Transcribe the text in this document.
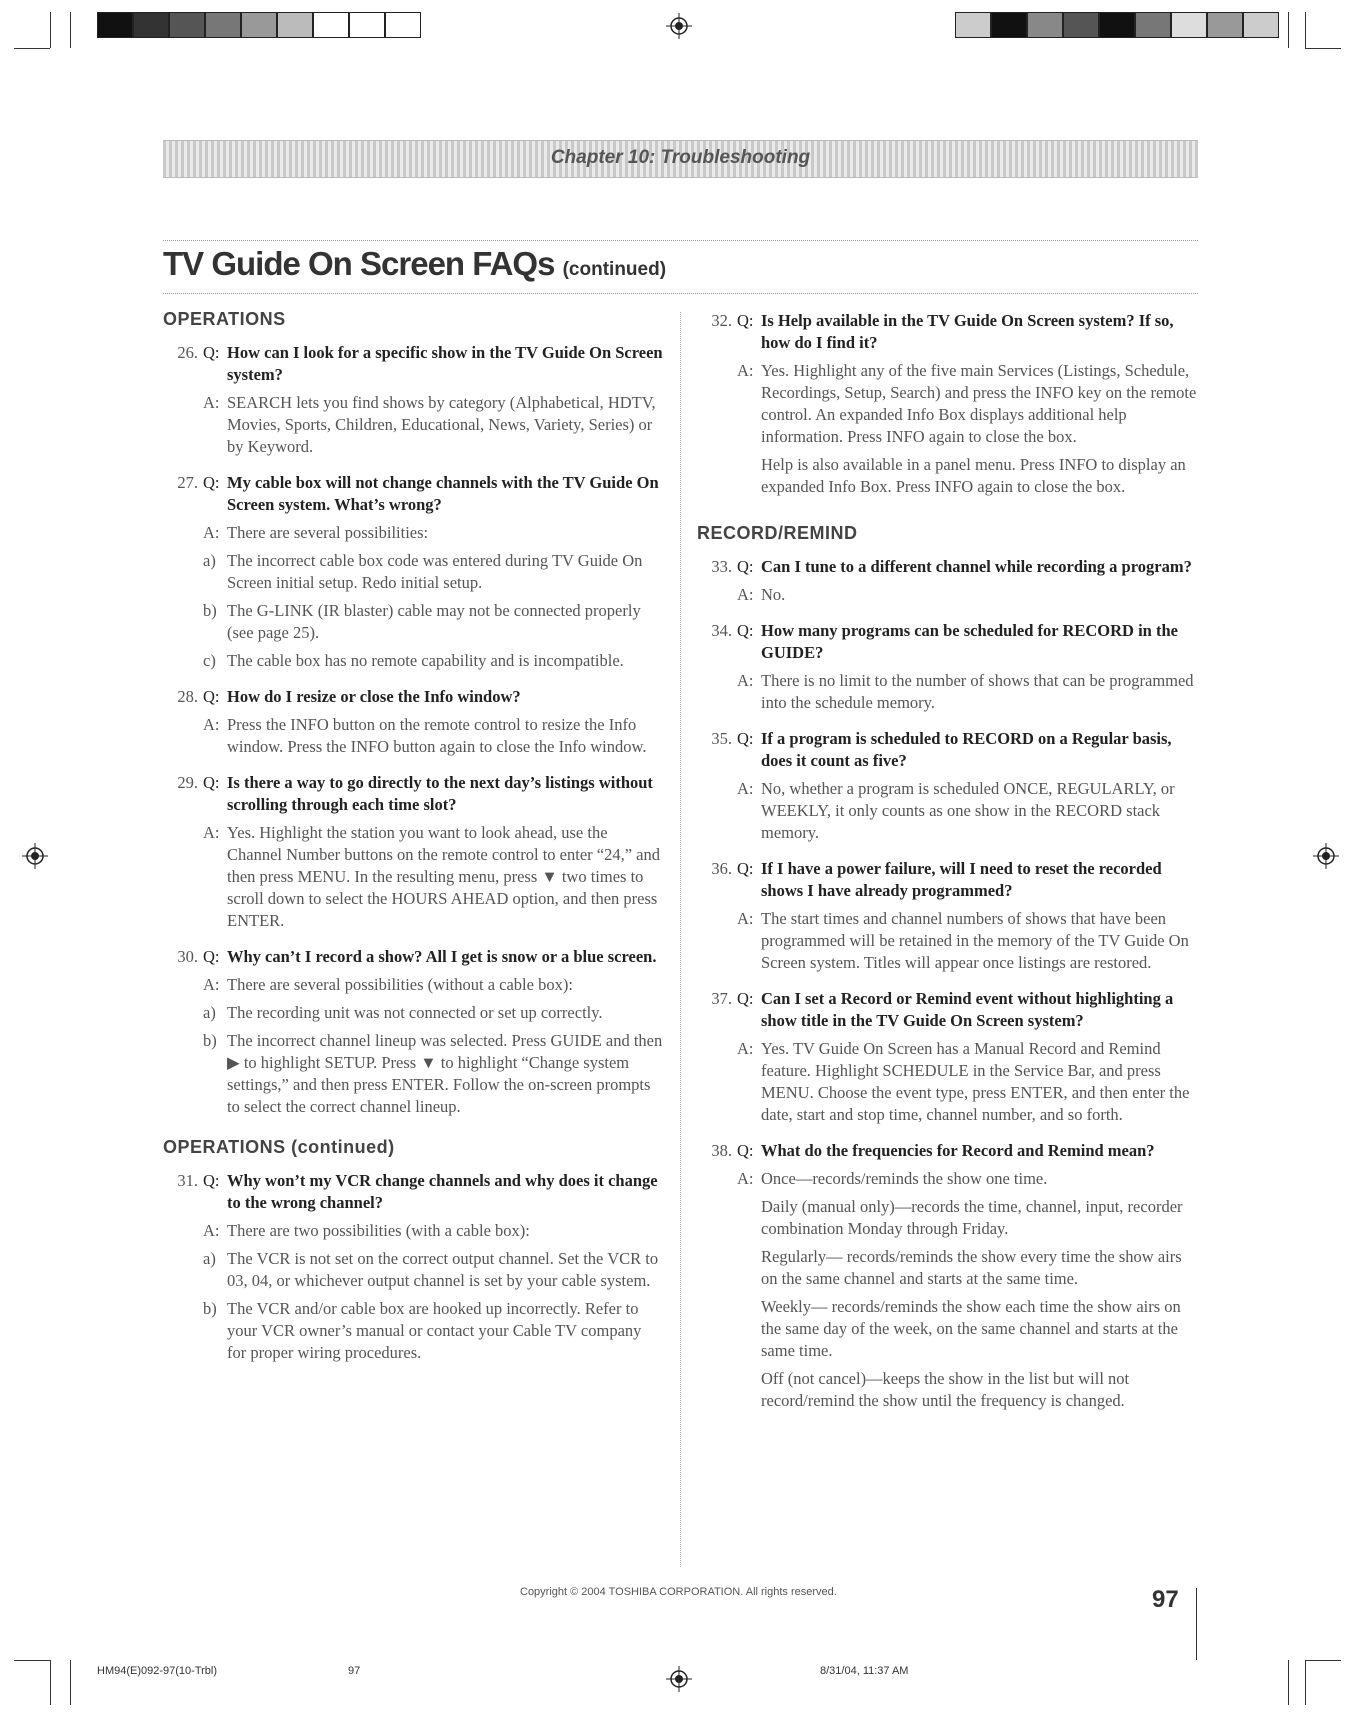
Chapter 10: Troubleshooting
TV Guide On Screen FAQs (continued)
OPERATIONS
26. Q: How can I look for a specific show in the TV Guide On Screen system?
A: SEARCH lets you find shows by category (Alphabetical, HDTV, Movies, Sports, Children, Educational, News, Variety, Series) or by Keyword.
27. Q: My cable box will not change channels with the TV Guide On Screen system. What’s wrong?
A: There are several possibilities:
a) The incorrect cable box code was entered during TV Guide On Screen initial setup. Redo initial setup.
b) The G-LINK (IR blaster) cable may not be connected properly (see page 25).
c) The cable box has no remote capability and is incompatible.
28. Q: How do I resize or close the Info window?
A: Press the INFO button on the remote control to resize the Info window. Press the INFO button again to close the Info window.
29. Q: Is there a way to go directly to the next day’s listings without scrolling through each time slot?
A: Yes. Highlight the station you want to look ahead, use the Channel Number buttons on the remote control to enter “24,” and then press MENU. In the resulting menu, press ▼ two times to scroll down to select the HOURS AHEAD option, and then press ENTER.
30. Q: Why can’t I record a show? All I get is snow or a blue screen.
A: There are several possibilities (without a cable box):
a) The recording unit was not connected or set up correctly.
b) The incorrect channel lineup was selected. Press GUIDE and then ▶ to highlight SETUP. Press ▼ to highlight “Change system settings,” and then press ENTER. Follow the on-screen prompts to select the correct channel lineup.
OPERATIONS (continued)
31. Q: Why won’t my VCR change channels and why does it change to the wrong channel?
A: There are two possibilities (with a cable box):
a) The VCR is not set on the correct output channel. Set the VCR to 03, 04, or whichever output channel is set by your cable system.
b) The VCR and/or cable box are hooked up incorrectly. Refer to your VCR owner’s manual or contact your Cable TV company for proper wiring procedures.
32. Q: Is Help available in the TV Guide On Screen system? If so, how do I find it?
A: Yes. Highlight any of the five main Services (Listings, Schedule, Recordings, Setup, Search) and press the INFO key on the remote control. An expanded Info Box displays additional help information. Press INFO again to close the box.
Help is also available in a panel menu. Press INFO to display an expanded Info Box. Press INFO again to close the box.
RECORD/REMIND
33. Q: Can I tune to a different channel while recording a program?
A: No.
34. Q: How many programs can be scheduled for RECORD in the GUIDE?
A: There is no limit to the number of shows that can be programmed into the schedule memory.
35. Q: If a program is scheduled to RECORD on a Regular basis, does it count as five?
A: No, whether a program is scheduled ONCE, REGULARLY, or WEEKLY, it only counts as one show in the RECORD stack memory.
36. Q: If I have a power failure, will I need to reset the recorded shows I have already programmed?
A: The start times and channel numbers of shows that have been programmed will be retained in the memory of the TV Guide On Screen system. Titles will appear once listings are restored.
37. Q: Can I set a Record or Remind event without highlighting a show title in the TV Guide On Screen system?
A: Yes. TV Guide On Screen has a Manual Record and Remind feature. Highlight SCHEDULE in the Service Bar, and press MENU. Choose the event type, press ENTER, and then enter the date, start and stop time, channel number, and so forth.
38. Q: What do the frequencies for Record and Remind mean?
A: Once—records/reminds the show one time.
Daily (manual only)—records the time, channel, input, recorder combination Monday through Friday.
Regularly— records/reminds the show every time the show airs on the same channel and starts at the same time.
Weekly— records/reminds the show each time the show airs on the same day of the week, on the same channel and starts at the same time.
Off (not cancel)—keeps the show in the list but will not record/remind the show until the frequency is changed.
Copyright © 2004 TOSHIBA CORPORATION. All rights reserved.	97
HM94(E)092-97(10-Trbl)	97	8/31/04, 11:37 AM
